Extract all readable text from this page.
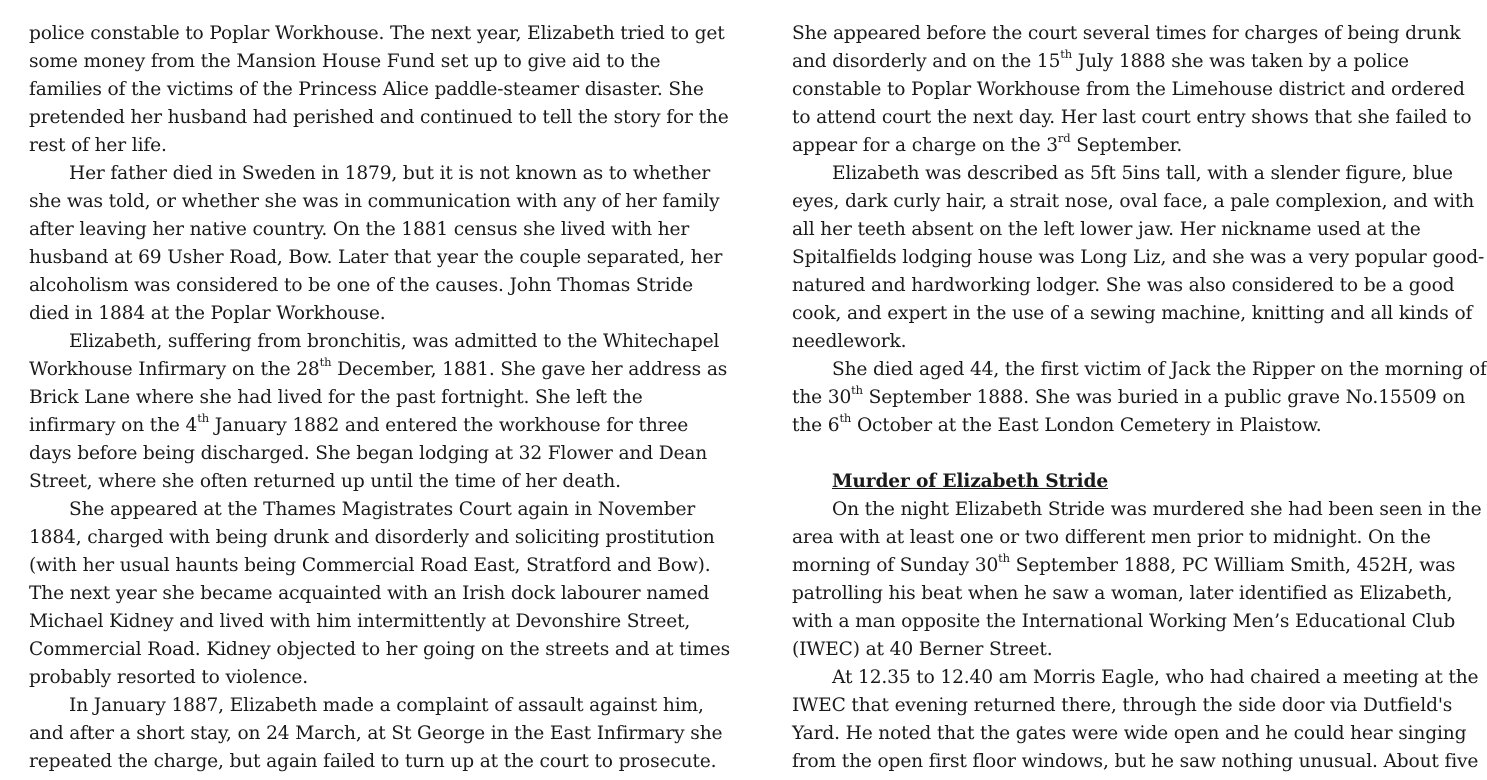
police constable to Poplar Workhouse. The next year, Elizabeth tried to get
some money from the Mansion House Fund set up to give aid to the
families of the victims of the Princess Alice paddle-steamer disaster. She
pretended her husband had perished and continued to tell the story for the
rest of her life.
Her father died in Sweden in 1879, but it is not known as to whether
she was told, or whether she was in communication with any of her family
after leaving her native country. On the 1881 census she lived with her
husband at 69 Usher Road, Bow. Later that year the couple separated, her
alcoholism was considered to be one of the causes. John Thomas Stride
died in 1884 at the Poplar Workhouse.
Elizabeth, suffering from bronchitis, was admitted to the Whitechapel
Workhouse Infirmary on the 28th December, 1881. She gave her address as
Brick Lane where she had lived for the past fortnight. She left the
infirmary on the 4th January 1882 and entered the workhouse for three
days before being discharged. She began lodging at 32 Flower and Dean
Street, where she often returned up until the time of her death.
She appeared at the Thames Magistrates Court again in November
1884, charged with being drunk and disorderly and soliciting prostitution
(with her usual haunts being Commercial Road East, Stratford and Bow).
The next year she became acquainted with an Irish dock labourer named
Michael Kidney and lived with him intermittently at Devonshire Street,
Commercial Road. Kidney objected to her going on the streets and at times
probably resorted to violence.
In January 1887, Elizabeth made a complaint of assault against him,
and after a short stay, on 24 March, at St George in the East Infirmary she
repeated the charge, but again failed to turn up at the court to prosecute.
She appeared before the court several times for charges of being drunk
and disorderly and on the 15th July 1888 she was taken by a police
constable to Poplar Workhouse from the Limehouse district and ordered
to attend court the next day. Her last court entry shows that she failed to
appear for a charge on the 3rd September.
Elizabeth was described as 5ft 5ins tall, with a slender figure, blue
eyes, dark curly hair, a strait nose, oval face, a pale complexion, and with
all her teeth absent on the left lower jaw. Her nickname used at the
Spitalfields lodging house was Long Liz, and she was a very popular good-
natured and hardworking lodger. She was also considered to be a good
cook, and expert in the use of a sewing machine, knitting and all kinds of
needlework.
She died aged 44, the first victim of Jack the Ripper on the morning of
the 30th September 1888. She was buried in a public grave No.15509 on
the 6th October at the East London Cemetery in Plaistow.
Murder of Elizabeth Stride
On the night Elizabeth Stride was murdered she had been seen in the
area with at least one or two different men prior to midnight. On the
morning of Sunday 30th September 1888, PC William Smith, 452H, was
patrolling his beat when he saw a woman, later identified as Elizabeth,
with a man opposite the International Working Men’s Educational Club
(IWEC) at 40 Berner Street.
At 12.35 to 12.40 am Morris Eagle, who had chaired a meeting at the
IWEC that evening returned there, through the side door via Dutfield's
Yard. He noted that the gates were wide open and he could hear singing
from the open first floor windows, but he saw nothing unusual. About five
